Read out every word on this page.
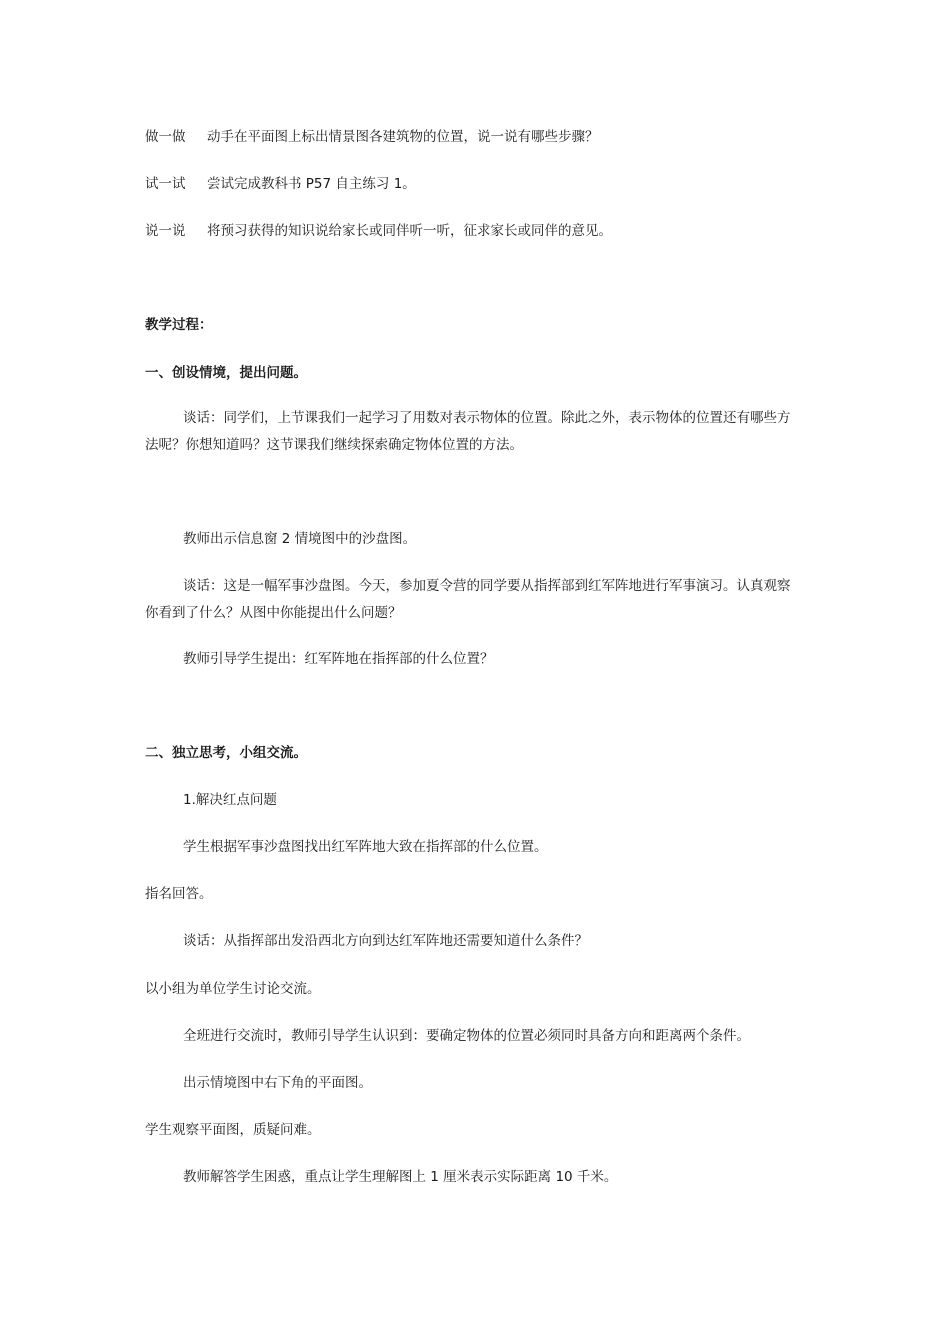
做一做 动手在平面图上标出情景图各建筑物的位置，说一说有哪些步骤？
试一试 尝试完成教科书 P57 自主练习 1。
说一说 将预习获得的知识说给家长或同伴听一听，征求家长或同伴的意见。
教学过程：
一、创设情境，提出问题。
谈话：同学们，上节课我们一起学习了用数对表示物体的位置。除此之外，表示物体的位置还有哪些方
法呢？你想知道吗？这节课我们继续探索确定物体位置的方法。
教师出示信息窗 2 情境图中的沙盘图。
谈话：这是一幅军事沙盘图。今天，参加夏令营的同学要从指挥部到红军阵地进行军事演习。认真观察
你看到了什么？从图中你能提出什么问题？
教师引导学生提出：红军阵地在指挥部的什么位置？
二、独立思考，小组交流。
1.解决红点问题
学生根据军事沙盘图找出红军阵地大致在指挥部的什么位置。
指名回答。
谈话：从指挥部出发沿西北方向到达红军阵地还需要知道什么条件？
以小组为单位学生讨论交流。
全班进行交流时，教师引导学生认识到：要确定物体的位置必须同时具备方向和距离两个条件。
出示情境图中右下角的平面图。
学生观察平面图，质疑问难。
教师解答学生困惑，重点让学生理解图上 1 厘米表示实际距离 10 千米。
